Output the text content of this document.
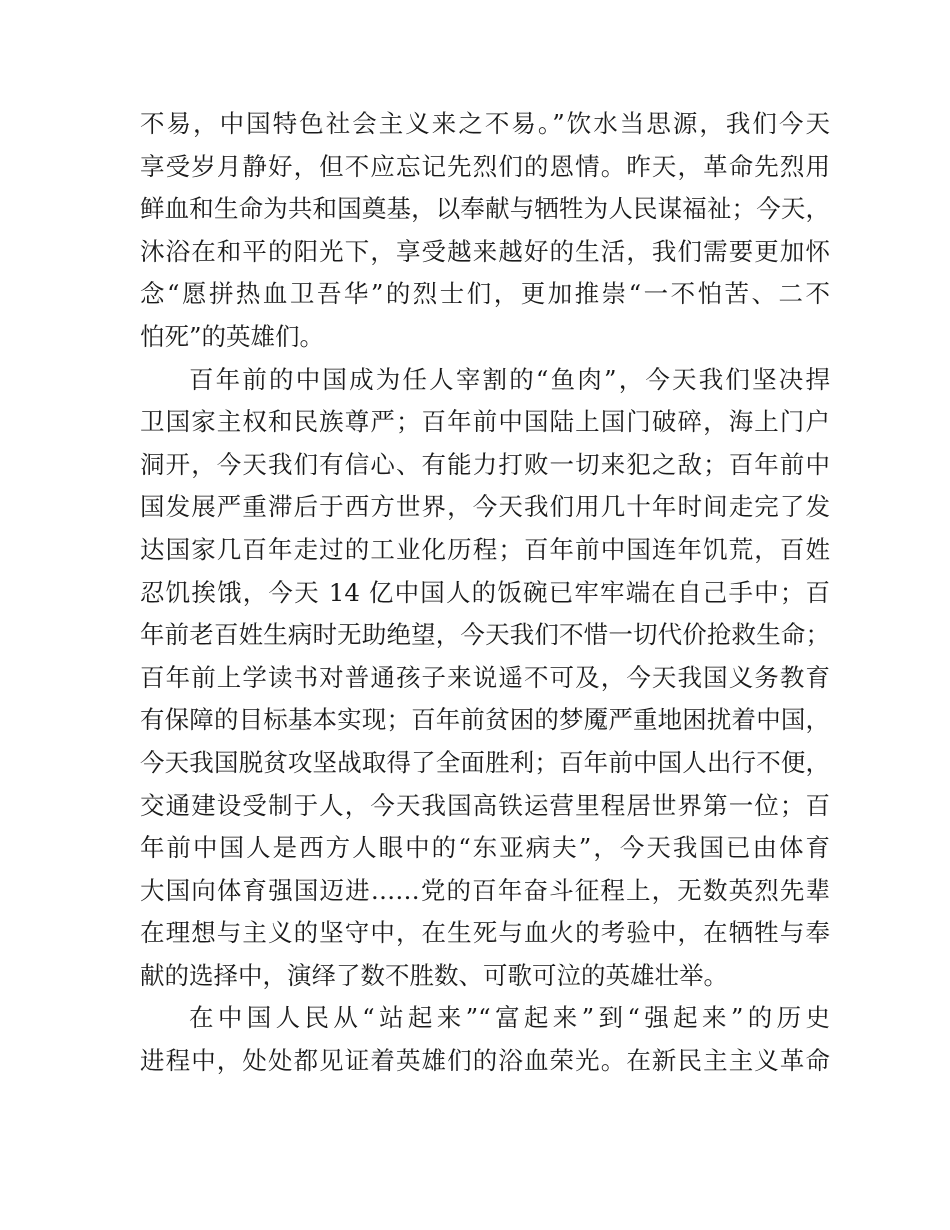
不易，中国特色社会主义来之不易。”饮水当思源，我们今天
享受岁月静好，但不应忘记先烈们的恩情。昨天，革命先烈用
鲜血和生命为共和国奠基，以奉献与牺牲为人民谋福祉；今天，
沐浴在和平的阳光下，享受越来越好的生活，我们需要更加怀
念“愿拼热血卫吾华”的烈士们，更加推崇“一不怕苦、二不
怕死”的英雄们。
百年前的中国成为任人宰割的“鱼肉”，今天我们坚决捍
卫国家主权和民族尊严；百年前中国陆上国门破碎，海上门户
洞开，今天我们有信心、有能力打败一切来犯之敌；百年前中
国发展严重滞后于西方世界，今天我们用几十年时间走完了发
达国家几百年走过的工业化历程；百年前中国连年饥荒，百姓
忍饥挨饿，今天 14 亿中国人的饭碗已牢牢端在自己手中；百
年前老百姓生病时无助绝望，今天我们不惜一切代价抢救生命；
百年前上学读书对普通孩子来说遥不可及，今天我国义务教育
有保障的目标基本实现；百年前贫困的梦魇严重地困扰着中国，
今天我国脱贫攻坚战取得了全面胜利；百年前中国人出行不便，
交通建设受制于人，今天我国高铁运营里程居世界第一位；百
年前中国人是西方人眼中的“东亚病夫”，今天我国已由体育
大国向体育强国迈进……党的百年奋斗征程上，无数英烈先辈
在理想与主义的坚守中，在生死与血火的考验中，在牺牲与奉
献的选择中，演绎了数不胜数、可歌可泣的英雄壮举。
在中国人民从“站起来”“富起来”到“强起来”的历史
进程中，处处都见证着英雄们的浴血荣光。在新民主主义革命
